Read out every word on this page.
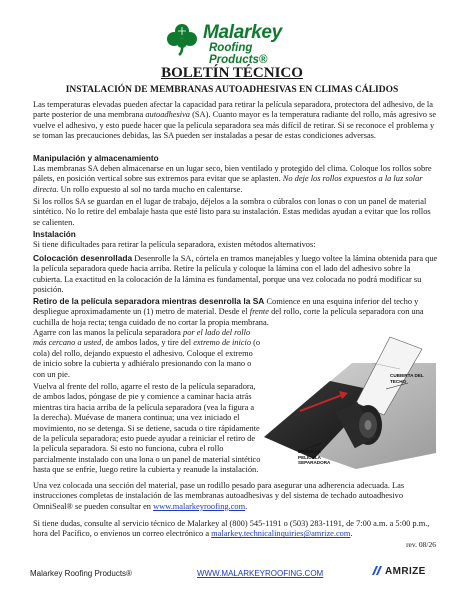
Malarkey
Roofing Products®
BOLETÍN TÉCNICO
INSTALACIÓN DE MEMBRANAS AUTOADHESIVAS EN CLIMAS CÁLIDOS
Las temperaturas elevadas pueden afectar la capacidad para retirar la película separadora, protectora del adhesivo, de la parte posterior de una membrana autoadhesiva (SA). Cuanto mayor es la temperatura radiante del rollo, más agresivo se vuelve el adhesivo, y esto puede hacer que la película separadora sea más difícil de retirar. Si se reconoce el problema y se toman las precauciones debidas, las SA pueden ser instaladas a pesar de estas condiciones adversas.
Manipulación y almacenamiento
Las membranas SA deben almacenarse en un lugar seco, bien ventilado y protegido del clima. Coloque los rollos sobre pálets, en posición vertical sobre sus extremos para evitar que se aplasten. No deje los rollos expuestos a la luz solar directa. Un rollo expuesto al sol no tarda mucho en calentarse.
Si los rollos SA se guardan en el lugar de trabajo, déjelos a la sombra o cúbralos con lonas o con un panel de material sintético. No lo retire del embalaje hasta que esté listo para su instalación. Estas medidas ayudan a evitar que los rollos se calienten.
Instalación
Si tiene dificultades para retirar la película separadora, existen métodos alternativos:
Colocación desenrollada Desenrolle la SA, córtela en tramos manejables y luego voltee la lámina obtenida para que la película separadora quede hacia arriba. Retire la película y coloque la lámina con el lado del adhesivo sobre la cubierta. La exactitud en la colocación de la lámina es fundamental, porque una vez colocada no podrá modificar su posición.
Retiro de la película separadora mientras desenrolla la SA Comience en una esquina inferior del techo y despliegue aproximadamente un (1) metro de material. Desde el frente del rollo, corte la película separadora con una cuchilla de hoja recta; tenga cuidado de no cortar la propia membrana.
Agarre con las manos la película separadora por el lado del rollo más cercano a usted, de ambos lados, y tire del extremo de inicio (o cola) del rollo, dejando expuesto el adhesivo. Coloque el extremo de inicio sobre la cubierta y adhiéralo presionando con la mano o con un pie.
Vuelva al frente del rollo, agarre el resto de la película separadora, de ambos lados, póngase de pie y comience a caminar hacia atrás mientras tira hacia arriba de la película separadora (vea la figura a la derecha). Muévase de manera continua; una vez iniciado el movimiento, no se detenga. Si se detiene, sacuda o tire rápidamente de la película separadora; esto puede ayudar a reiniciar el retiro de la película separadora. Si esto no funciona, cubra el rollo parcialmente instalado con una lona o un panel de material sintético hasta que se enfríe, luego retire la cubierta y reanude la instalación.
CUBIERTA DEL TECHO
DIVIDA LA
PELÍCULA
SEPARADORA
Una vez colocada una sección del material, pase un rodillo pesado para asegurar una adherencia adecuada. Las instrucciones completas de instalación de las membranas autoadhesivas y del sistema de techado autoadhesivo OmniSeal® se pueden consultar en www.malarkeyroofing.com.
Si tiene dudas, consulte al servicio técnico de Malarkey al (800) 545-1191 o (503) 283-1191, de 7:00 a.m. a 5:00 p.m., hora del Pacífico, o envíenos un correo electrónico a malarkey.technicalinquiries@amrize.com.
rev. 08/26
Malarkey Roofing Products®	WWW.MALARKEYROOFING.COM	AMRIZE
